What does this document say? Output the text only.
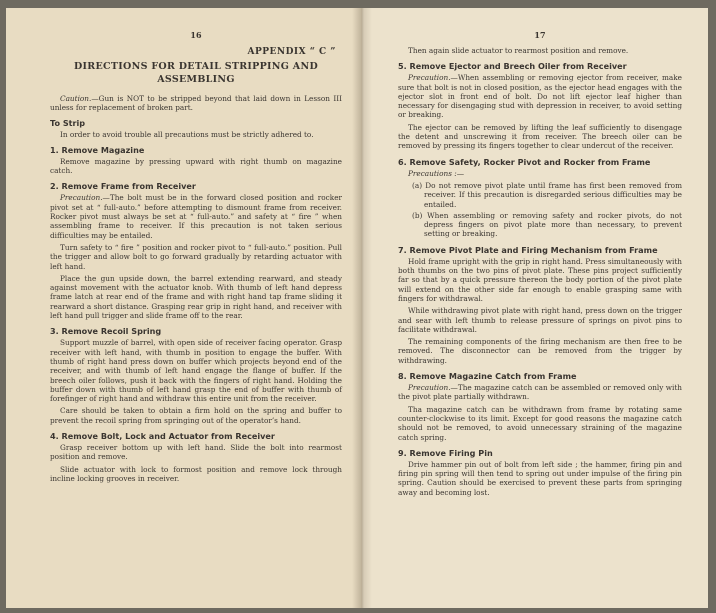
16
APPENDIX “ C ”
DIRECTIONS FOR DETAIL STRIPPING AND
ASSEMBLING

Caution.—Gun is NOT to be stripped beyond that laid down in Lesson III unless for replacement of broken part.

To Strip

In order to avoid trouble all precautions must be strictly adhered to.

1. Remove Magazine

Remove magazine by pressing upward with right thumb on magazine catch.

2. Remove Frame from Receiver

Precaution.—The bolt must be in the forward closed position and rocker pivot set at “ full-auto.” before attempting to dismount frame from receiver. Rocker pivot must always be set at “ full-auto.” and safety at “ fire ” when assembling frame to receiver. If this precaution is not taken serious difficulties may be entailed.

Turn safety to “ fire ” position and rocker pivot to “ full-auto.” position. Pull the trigger and allow bolt to go forward gradually by retarding actuator with left hand.

Place the gun upside down, the barrel extending rearward, and steady against movement with the actuator knob. With thumb of left hand depress frame latch at rear end of the frame and with right hand tap frame sliding it rearward a short distance. Grasping rear grip in right hand, and receiver with left hand pull trigger and slide frame off to the rear.

3. Remove Recoil Spring

Support muzzle of barrel, with open side of receiver facing operator. Grasp receiver with left hand, with thumb in position to engage the buffer. With thumb of right hand press down on buffer which projects beyond end of the receiver, and with thumb of left hand engage the flange of buffer. If the breech oiler follows, push it back with the fingers of right hand. Holding the buffer down with thumb of left hand grasp the end of buffer with thumb of forefinger of right hand and withdraw this entire unit from the receiver.

Care should be taken to obtain a firm hold on the spring and buffer to prevent the recoil spring from springing out of the operator’s hand.

4. Remove Bolt, Lock and Actuator from Receiver

Grasp receiver bottom up with left hand. Slide the bolt into rearmost position and remove.

Slide actuator with lock to formost position and remove lock through incline locking grooves in receiver.

17

Then again slide actuator to rearmost position and remove.

5. Remove Ejector and Breech Oiler from Receiver

Precaution.—When assembling or removing ejector from receiver, make sure that bolt is not in closed position, as the ejector head engages with the ejector slot in front end of bolt. Do not lift ejector leaf higher than necessary for disengaging stud with depression in receiver, to avoid setting or breaking.

The ejector can be removed by lifting the leaf sufficiently to disengage the detent and unscrewing it from receiver. The breech oiler can be removed by pressing its fingers together to clear undercut of the receiver.

6. Remove Safety, Rocker Pivot and Rocker from Frame

Precautions :—

(a) Do not remove pivot plate until frame has first been removed from receiver. If this precaution is disregarded serious difficulties may be entailed.
(b) When assembling or removing safety and rocker pivots, do not depress fingers on pivot plate more than necessary, to prevent setting or breaking.
7. Remove Pivot Plate and Firing Mechanism from Frame

Hold frame upright with the grip in right hand. Press simultaneously with both thumbs on the two pins of pivot plate. These pins project sufficiently far so that by a quick pressure thereon the body portion of the pivot plate will extend on the other side far enough to enable grasping same with fingers for withdrawal.

While withdrawing pivot plate with right hand, press down on the trigger and sear with left thumb to release pressure of springs on pivot pins to facilitate withdrawal.

The remaining components of the firing mechanism are then free to be removed. The disconnector can be removed from the trigger by withdrawing.

8. Remove Magazine Catch from Frame

Precaution.—The magazine catch can be assembled or removed only with the pivot plate partially withdrawn.

Tha magazine catch can be withdrawn from frame by rotating same counter-clockwise to its limit. Except for good reasons the magazine catch should not be removed, to avoid unnecessary straining of the magazine catch spring.

9. Remove Firing Pin

Drive hammer pin out of bolt from left side ; the hammer, firing pin and firing pin spring will then tend to spring out under impulse of the firing pin spring. Caution should be exercised to prevent these parts from springing away and becoming lost.
